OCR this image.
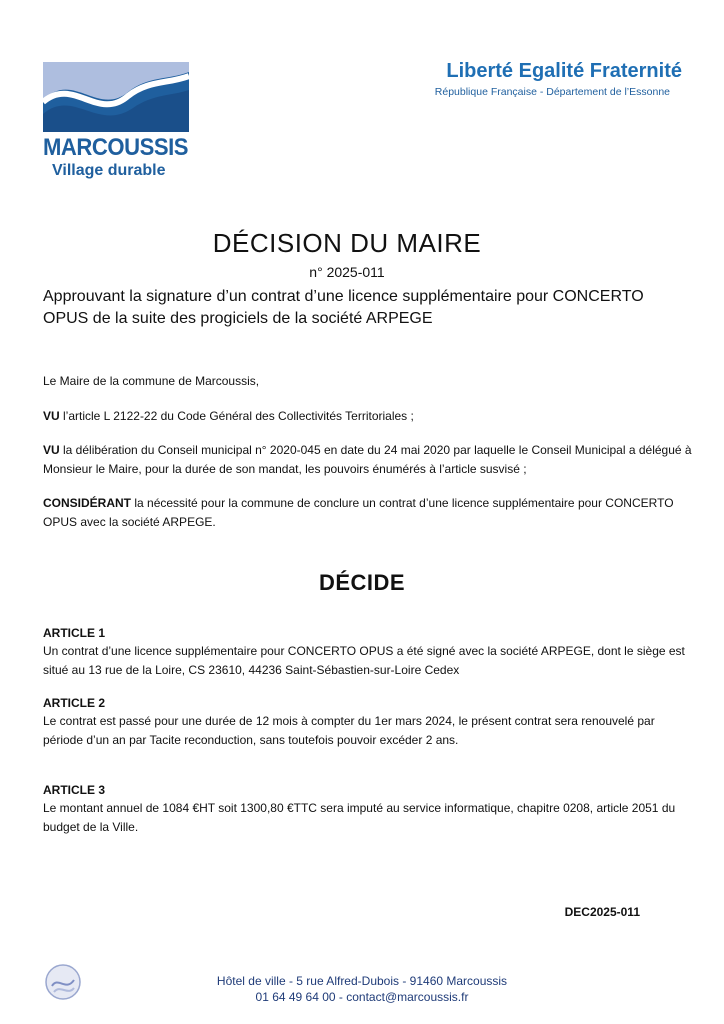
MARCOUSSIS
Village durable
Liberté Egalité Fraternité
République Française - Département de l’Essonne
DÉCISION DU MAIRE
n° 2025-011
Approuvant la signature d’un contrat d’une licence supplémentaire pour CONCERTO OPUS de la suite des progiciels de la société ARPEGE
Le Maire de la commune de Marcoussis,
VU l’article L 2122-22 du Code Général des Collectivités Territoriales ;
VU la délibération du Conseil municipal n° 2020-045 en date du 24 mai 2020 par laquelle le Conseil Municipal a délégué à Monsieur le Maire, pour la durée de son mandat, les pouvoirs énumérés à l’article susvisé ;
CONSIDÉRANT la nécessité pour la commune de conclure un contrat d’une licence supplémentaire pour CONCERTO OPUS avec la société ARPEGE.
DÉCIDE
ARTICLE 1
Un contrat d’une licence supplémentaire pour CONCERTO OPUS a été signé avec la société ARPEGE, dont le siège est situé au 13 rue de la Loire, CS 23610, 44236 Saint-Sébastien-sur-Loire Cedex
ARTICLE 2
Le contrat est passé pour une durée de 12 mois à compter du 1er mars 2024, le présent contrat sera renouvelé par période d’un an par Tacite reconduction, sans toutefois pouvoir excéder 2 ans.
ARTICLE 3
Le montant annuel de 1084 €HT soit 1300,80 €TTC sera imputé au service informatique, chapitre 0208, article 2051 du budget de la Ville.
DEC2025-011
Hôtel de ville - 5 rue Alfred-Dubois - 91460 Marcoussis
01 64 49 64 00 - contact@marcoussis.fr
